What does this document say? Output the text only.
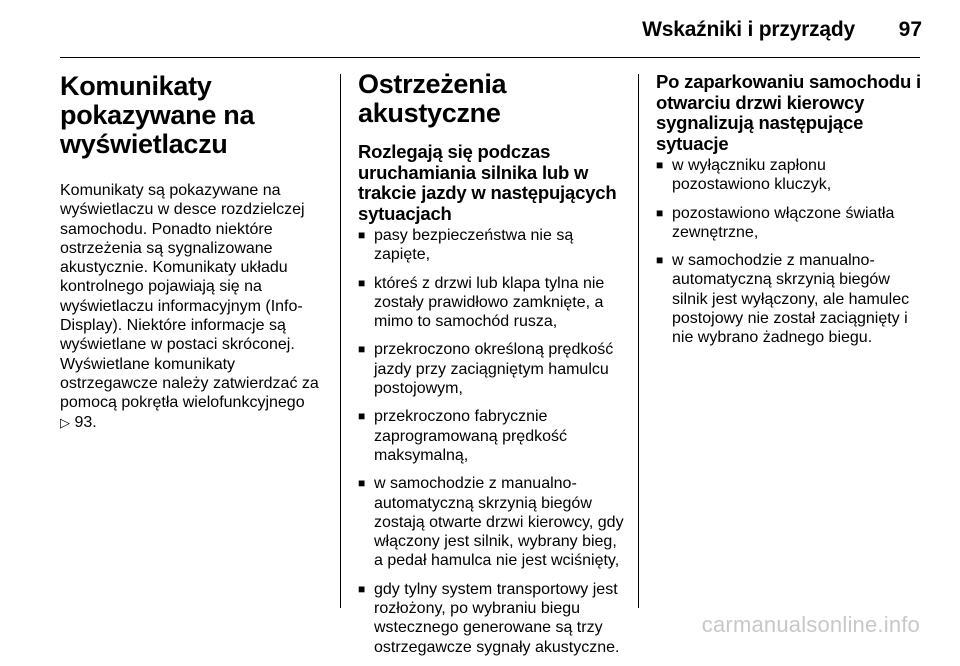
Wskaźniki i przyrządy 97
Komunikaty pokazywane na wyświetlaczu

Komunikaty są pokazywane na wyświetlaczu w desce rozdzielczej samochodu. Ponadto niektóre ostrzeżenia są sygnalizowane akustycznie. Komunikaty układu kontrolnego pojawiają się na wyświetlaczu informacyjnym (Info-Display). Niektóre informacje są wyświetlane w postaci skróconej. Wyświetlane komunikaty ostrzegawcze należy zatwierdzać za pomocą pokrętła wielofunkcyjnego
▷ 93.

Ostrzeżenia akustyczne
Rozlegają się podczas uruchamiania silnika lub w trakcie jazdy w następujących sytuacjach
■ pasy bezpieczeństwa nie są zapięte,
■ któreś z drzwi lub klapa tylna nie zostały prawidłowo zamknięte, a mimo to samochód rusza,
■ przekroczono określoną prędkość jazdy przy zaciągniętym hamulcu postojowym,
■ przekroczono fabrycznie zaprogramowaną prędkość maksymalną,
■ w samochodzie z manualno-automatyczną skrzynią biegów zostają otwarte drzwi kierowcy, gdy włączony jest silnik, wybrany bieg, a pedał hamulca nie jest wciśnięty,
■ gdy tylny system transportowy jest rozłożony, po wybraniu biegu wstecznego generowane są trzy ostrzegawcze sygnały akustyczne.
Po zaparkowaniu samochodu i otwarciu drzwi kierowcy sygnalizują następujące sytuacje
■ w wyłączniku zapłonu pozostawiono kluczyk,
■ pozostawiono włączone światła zewnętrzne,
■ w samochodzie z manualno-automatyczną skrzynią biegów silnik jest wyłączony, ale hamulec postojowy nie został zaciągnięty i nie wybrano żadnego biegu.
carmanualsonline.info
